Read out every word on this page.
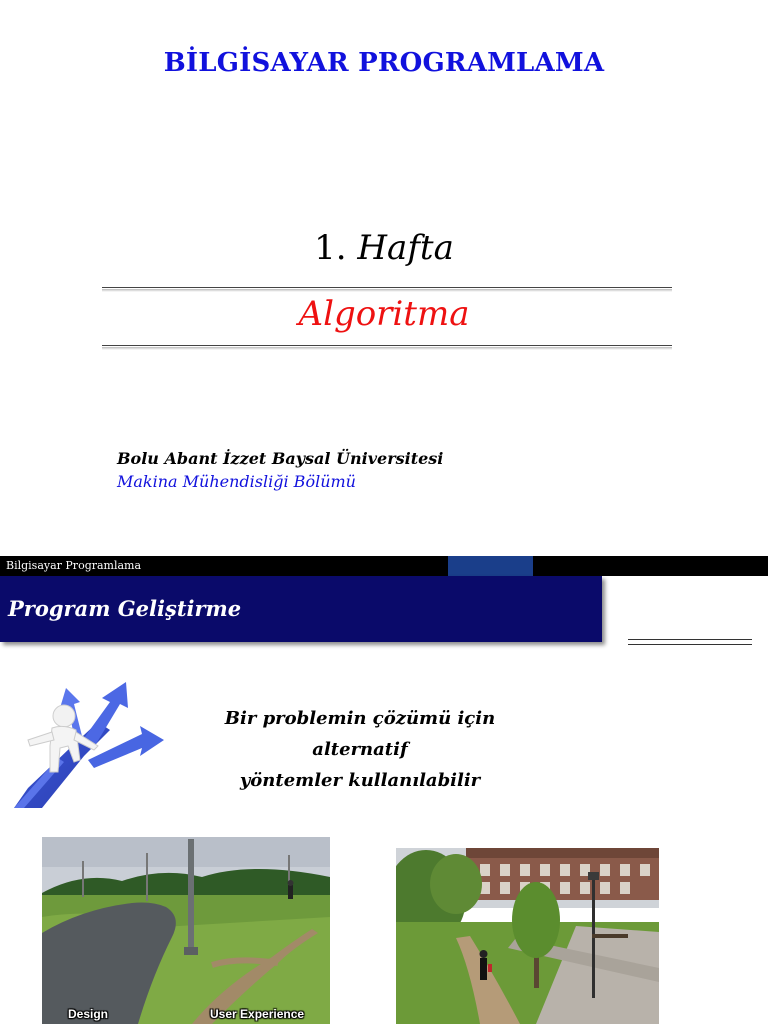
BİLGİSAYAR PROGRAMLAMA
1. Hafta
Algoritma
Bolu Abant İzzet Baysal Üniversitesi
Makina Mühendisliği Bölümü
Bilgisayar Programlama
Program Geliştirme
Bir problemin çözümü için alternatif
yöntemler kullanılabilir
Design	User Experience
